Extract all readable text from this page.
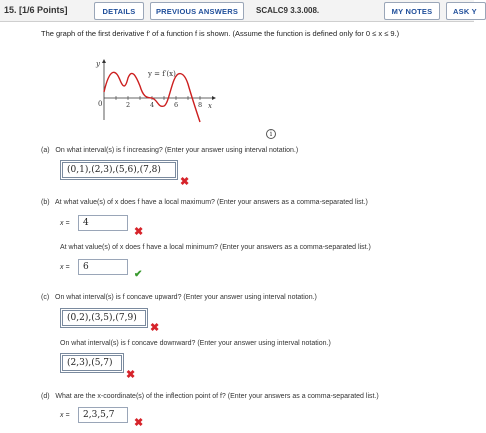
15. [1/6 Points]	DETAILS	PREVIOUS ANSWERS	SCALC9 3.3.008.	MY NOTES	ASK Y
The graph of the first derivative f′ of a function f is shown. (Assume the function is defined only for 0 ≤ x ≤ 9.)
y
x
y = f′(x)
0	2	4	6	8
i
(a) On what interval(s) is f increasing? (Enter your answer using interval notation.)
(0,1),(2,3),(5,6),(7,8)
✖
(b) At what value(s) of x does f have a local maximum? (Enter your answers as a comma-separated list.)
x = 4
✖
At what value(s) of x does f have a local minimum? (Enter your answers as a comma-separated list.)
x = 6
✔
(c) On what interval(s) is f concave upward? (Enter your answer using interval notation.)
(0,2),(3,5),(7,9)
✖
On what interval(s) is f concave downward? (Enter your answer using interval notation.)
(2,3),(5,7)
✖
(d) What are the x-coordinate(s) of the inflection point of f? (Enter your answers as a comma-separated list.)
x = 2,3,5,7
✖
